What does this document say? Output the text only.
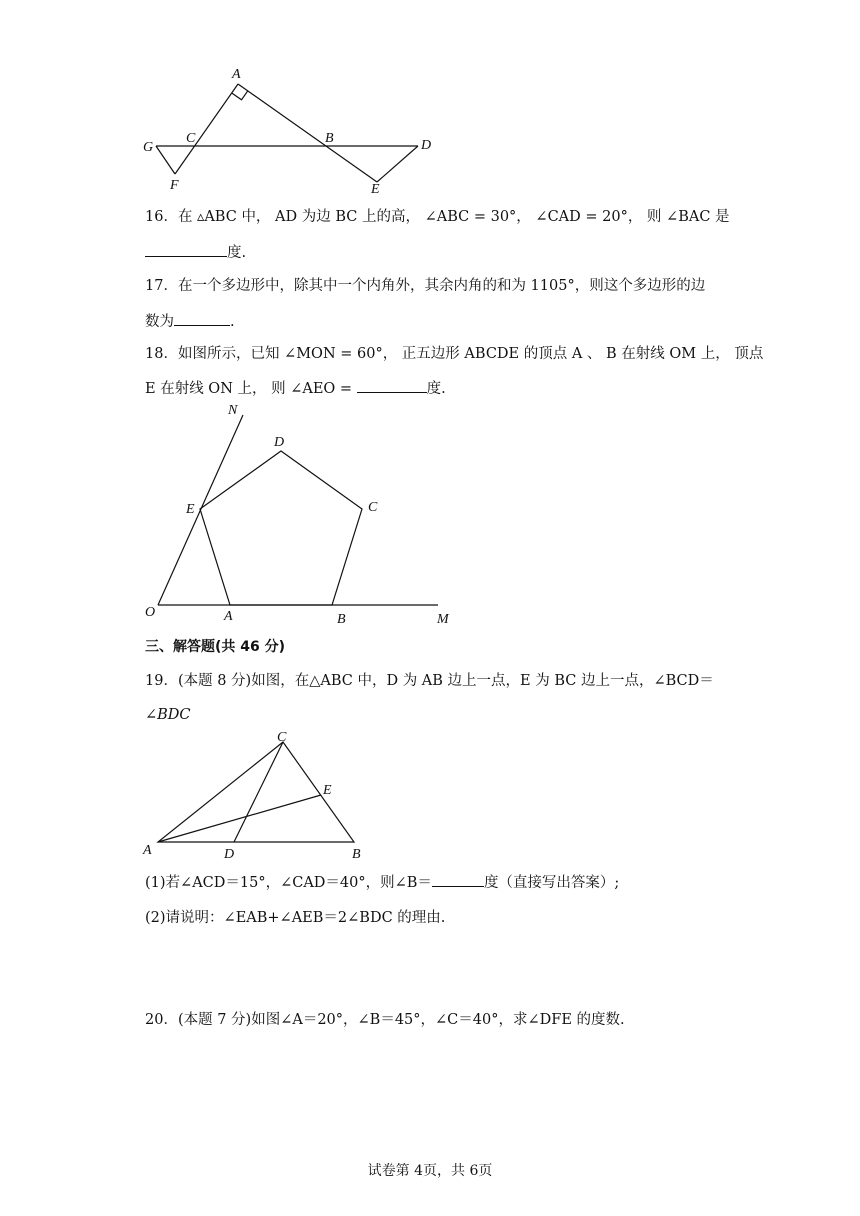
A
C	B
G	D
F	E
16．在 ▵ABC 中， AD 为边 BC 上的高， ∠ABC = 30°， ∠CAD = 20°， 则 ∠BAC 是
度.
17．在一个多边形中，除其中一个内角外，其余内角的和为 1105°，则这个多边形的边
数为	.
18．如图所示，已知 ∠MON = 60°， 正五边形 ABCDE 的顶点 A 、 B 在射线 OM 上， 顶点
E 在射线 ON 上， 则 ∠AEO =	度.
N
D
E	C
O	A	B	M
三、解答题(共 46 分)
19．(本题 8 分)如图，在△ABC 中，D 为 AB 边上一点，E 为 BC 边上一点，∠BCD＝
∠BDC
C
E
A	D	B
(1)若∠ACD＝15°，∠CAD＝40°，则∠B＝	度（直接写出答案）;
(2)请说明：∠EAB+∠AEB＝2∠BDC 的理由.
20．(本题 7 分)如图∠A＝20°，∠B＝45°，∠C＝40°，求∠DFE 的度数.
试卷第 4页，共 6页
